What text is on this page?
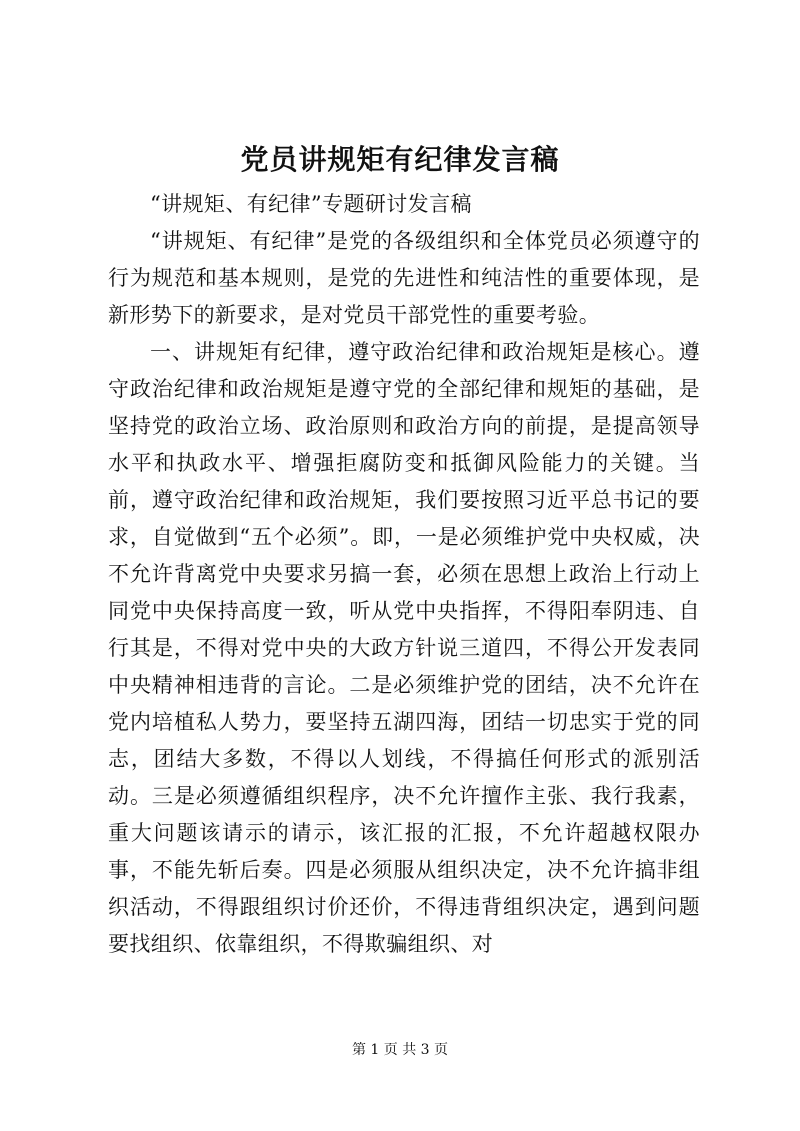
党员讲规矩有纪律发言稿

“讲规矩、有纪律”专题研讨发言稿

“讲规矩、有纪律”是党的各级组织和全体党员必须遵守的行为规范和基本规则，是党的先进性和纯洁性的重要体现，是新形势下的新要求，是对党员干部党性的重要考验。

一、讲规矩有纪律，遵守政治纪律和政治规矩是核心。遵守政治纪律和政治规矩是遵守党的全部纪律和规矩的基础，是坚持党的政治立场、政治原则和政治方向的前提，是提高领导水平和执政水平、增强拒腐防变和抵御风险能力的关键。当前，遵守政治纪律和政治规矩，我们要按照习近平总书记的要求，自觉做到“五个必须”。即，一是必须维护党中央权威，决不允许背离党中央要求另搞一套，必须在思想上政治上行动上同党中央保持高度一致，听从党中央指挥，不得阳奉阴违、自行其是，不得对党中央的大政方针说三道四，不得公开发表同中央精神相违背的言论。二是必须维护党的团结，决不允许在党内培植私人势力，要坚持五湖四海，团结一切忠实于党的同志，团结大多数，不得以人划线，不得搞任何形式的派别活动。三是必须遵循组织程序，决不允许擅作主张、我行我素，重大问题该请示的请示，该汇报的汇报，不允许超越权限办事，不能先斩后奏。四是必须服从组织决定，决不允许搞非组织活动，不得跟组织讨价还价，不得违背组织决定，遇到问题要找组织、依靠组织，不得欺骗组织、对

第 1 页 共 3 页
